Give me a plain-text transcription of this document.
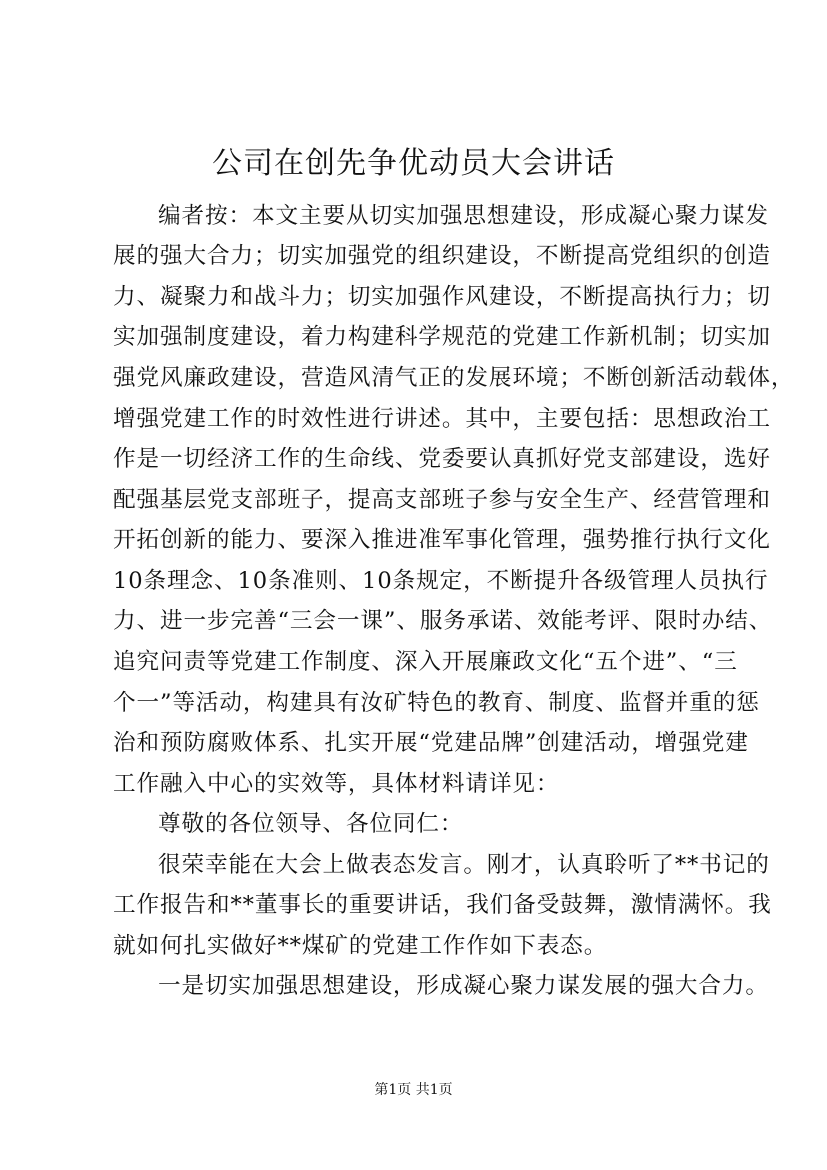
公司在创先争优动员大会讲话
编者按：本文主要从切实加强思想建设，形成凝心聚力谋发
展的强大合力；切实加强党的组织建设，不断提高党组织的创造
力、凝聚力和战斗力；切实加强作风建设，不断提高执行力；切
实加强制度建设，着力构建科学规范的党建工作新机制；切实加
强党风廉政建设，营造风清气正的发展环境；不断创新活动载体，
增强党建工作的时效性进行讲述。其中，主要包括：思想政治工
作是一切经济工作的生命线、党委要认真抓好党支部建设，选好
配强基层党支部班子，提高支部班子参与安全生产、经营管理和
开拓创新的能力、要深入推进准军事化管理，强势推行执行文化
10条理念、10条准则、10条规定，不断提升各级管理人员执行
力、进一步完善“三会一课”、服务承诺、效能考评、限时办结、
追究问责等党建工作制度、深入开展廉政文化“五个进”、“三
个一”等活动，构建具有汝矿特色的教育、制度、监督并重的惩
治和预防腐败体系、扎实开展“党建品牌”创建活动，增强党建
工作融入中心的实效等，具体材料请详见：
尊敬的各位领导、各位同仁：
很荣幸能在大会上做表态发言。刚才，认真聆听了**书记的
工作报告和**董事长的重要讲话，我们备受鼓舞，激情满怀。我
就如何扎实做好**煤矿的党建工作作如下表态。
一是切实加强思想建设，形成凝心聚力谋发展的强大合力。
第1页 共1页
